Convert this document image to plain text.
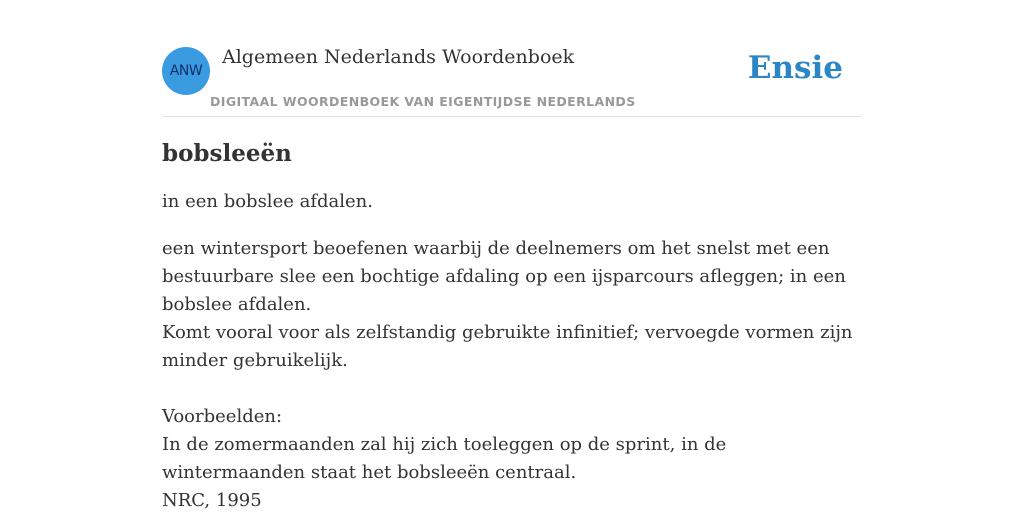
ANW
Algemeen Nederlands Woordenboek
DIGITAAL WOORDENBOEK VAN EIGENTIJDSE NEDERLANDS
Ensie
bobsleeën

in een bobslee afdalen.

een wintersport beoefenen waarbij de deelnemers om het snelst met een bestuurbare slee een bochtige afdaling op een ijsparcours afleggen; in een bobslee afdalen.

Komt vooral voor als zelfstandig gebruikte infinitief; vervoegde vormen zijn minder gebruikelijk.

Voorbeelden:

In de zomermaanden zal hij zich toeleggen op de sprint, in de wintermaanden staat het bobsleeën centraal.

NRC, 1995
